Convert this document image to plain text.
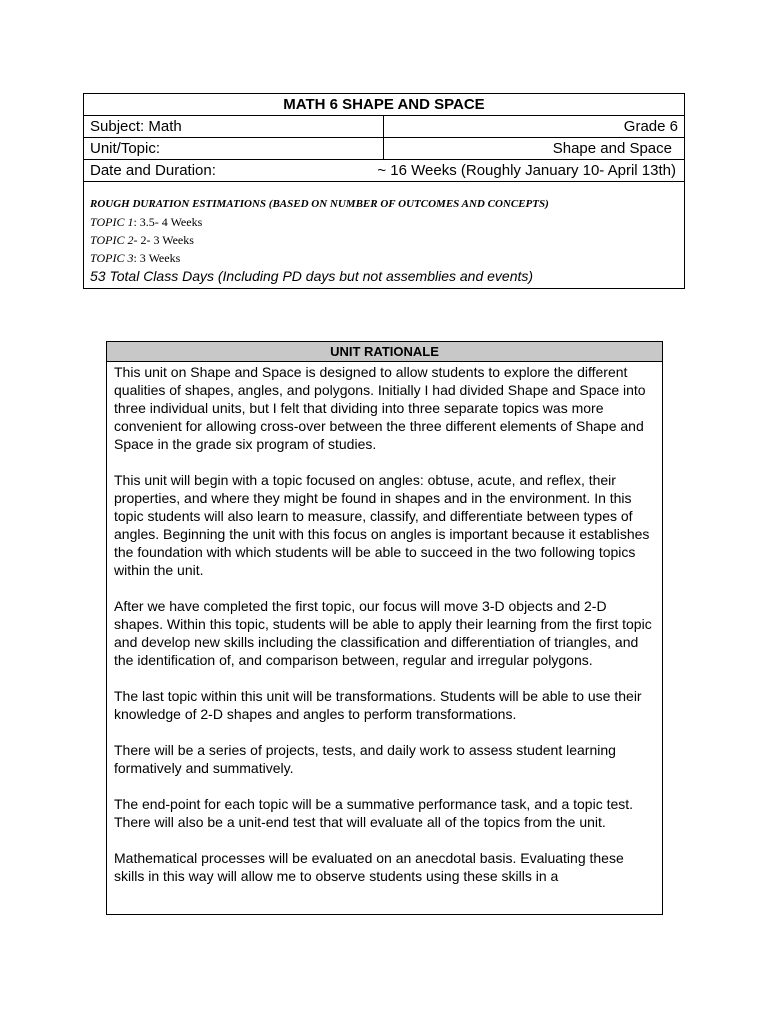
MATH 6 SHAPE AND SPACE
Subject: Math	Grade 6
Unit/Topic:	Shape and Space
Date and Duration:	~ 16 Weeks (Roughly January 10- April 13th)
ROUGH DURATION ESTIMATIONS (BASED ON NUMBER OF OUTCOMES AND CONCEPTS)
TOPIC 1: 3.5- 4 Weeks
TOPIC 2- 2- 3 Weeks
TOPIC 3: 3 Weeks
53 Total Class Days (Including PD days but not assemblies and events)
UNIT RATIONALE

This unit on Shape and Space is designed to allow students to explore the different qualities of shapes, angles, and polygons. Initially I had divided Shape and Space into three individual units, but I felt that dividing into three separate topics was more convenient for allowing cross-over between the three different elements of Shape and Space in the grade six program of studies.

This unit will begin with a topic focused on angles: obtuse, acute, and reflex, their properties, and where they might be found in shapes and in the environment. In this topic students will also learn to measure, classify, and differentiate between types of angles. Beginning the unit with this focus on angles is important because it establishes the foundation with which students will be able to succeed in the two following topics within the unit.

After we have completed the first topic, our focus will move 3-D objects and 2-D shapes. Within this topic, students will be able to apply their learning from the first topic and develop new skills including the classification and differentiation of triangles, and the identification of, and comparison between, regular and irregular polygons.

The last topic within this unit will be transformations. Students will be able to use their knowledge of 2-D shapes and angles to perform transformations.

There will be a series of projects, tests, and daily work to assess student learning formatively and summatively.

The end-point for each topic will be a summative performance task, and a topic test. There will also be a unit-end test that will evaluate all of the topics from the unit.

Mathematical processes will be evaluated on an anecdotal basis. Evaluating these skills in this way will allow me to observe students using these skills in a
